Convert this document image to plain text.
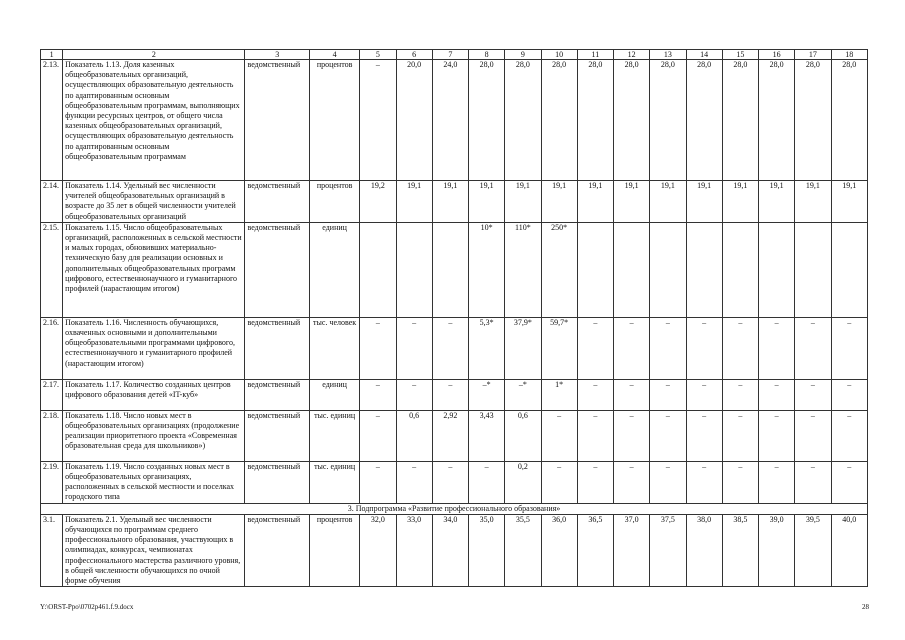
1	2	3	4	5	6	7	8	9	10	11	12	13	14	15	16	17	18
2.13.	Показатель 1.13. Доля казенных общеобразовательных организаций, осуществляющих образовательную деятельность по адаптированным основным общеобразовательным программам, выполняющих функции ресурсных центров, от общего числа казенных общеобразовательных организаций, осуществляющих образовательную деятельность по адаптированным основным общеобразовательным программам	ведомственный	процентов	–	20,0	24,0	28,0	28,0	28,0	28,0	28,0	28,0	28,0	28,0	28,0	28,0	28,0
2.14.	Показатель 1.14. Удельный вес численности учителей общеобразовательных организаций в возрасте до 35 лет в общей численности учителей общеобразовательных организаций	ведомственный	процентов	19,2	19,1	19,1	19,1	19,1	19,1	19,1	19,1	19,1	19,1	19,1	19,1	19,1	19,1
2.15.	Показатель 1.15. Число общеобразовательных организаций, расположенных в сельской местности и малых городах, обновивших материально-техническую базу для реализации основных и дополнительных общеобразовательных программ цифрового, естественнонаучного и гуманитарного профилей (нарастающим итогом)	ведомственный	единиц				10*	110*	250*								
2.16.	Показатель 1.16. Численность обучающихся, охваченных основными и дополнительными общеобразовательными программами цифрового, естественнонаучного и гуманитарного профилей (нарастающим итогом)	ведомственный	тыс. человек	–	–	–	5,3*	37,9*	59,7*	–	–	–	–	–	–	–	–
2.17.	Показатель 1.17. Количество созданных центров цифрового образования детей «IT-куб»	ведомственный	единиц	–	–	–	–*	–*	1*	–	–	–	–	–	–	–	–
2.18.	Показатель 1.18. Число новых мест в общеобразовательных организациях (продолжение реализации приоритетного проекта «Современная образовательная среда для школьников»)	ведомственный	тыс. единиц	–	0,6	2,92	3,43	0,6	–	–	–	–	–	–	–	–	–
2.19.	Показатель 1.19. Число созданных новых мест в общеобразовательных организациях, расположенных в сельской местности и поселках городского типа	ведомственный	тыс. единиц	–	–	–	–	0,2	–	–	–	–	–	–	–	–	–
3. Подпрограмма «Развитие профессионального образования»																	
3.1.	Показатель 2.1. Удельный вес численности обучающихся по программам среднего профессионального образования, участвующих в олимпиадах, конкурсах, чемпионатах профессионального мастерства различного уровня, в общей численности обучающихся по очной форме обучения	ведомственный	процентов	32,0	33,0	34,0	35,0	35,5	36,0	36,5	37,0	37,5	38,0	38,5	39,0	39,5	40,0
Y:\ORST-Ppo\0702p461.f.9.docx	28
